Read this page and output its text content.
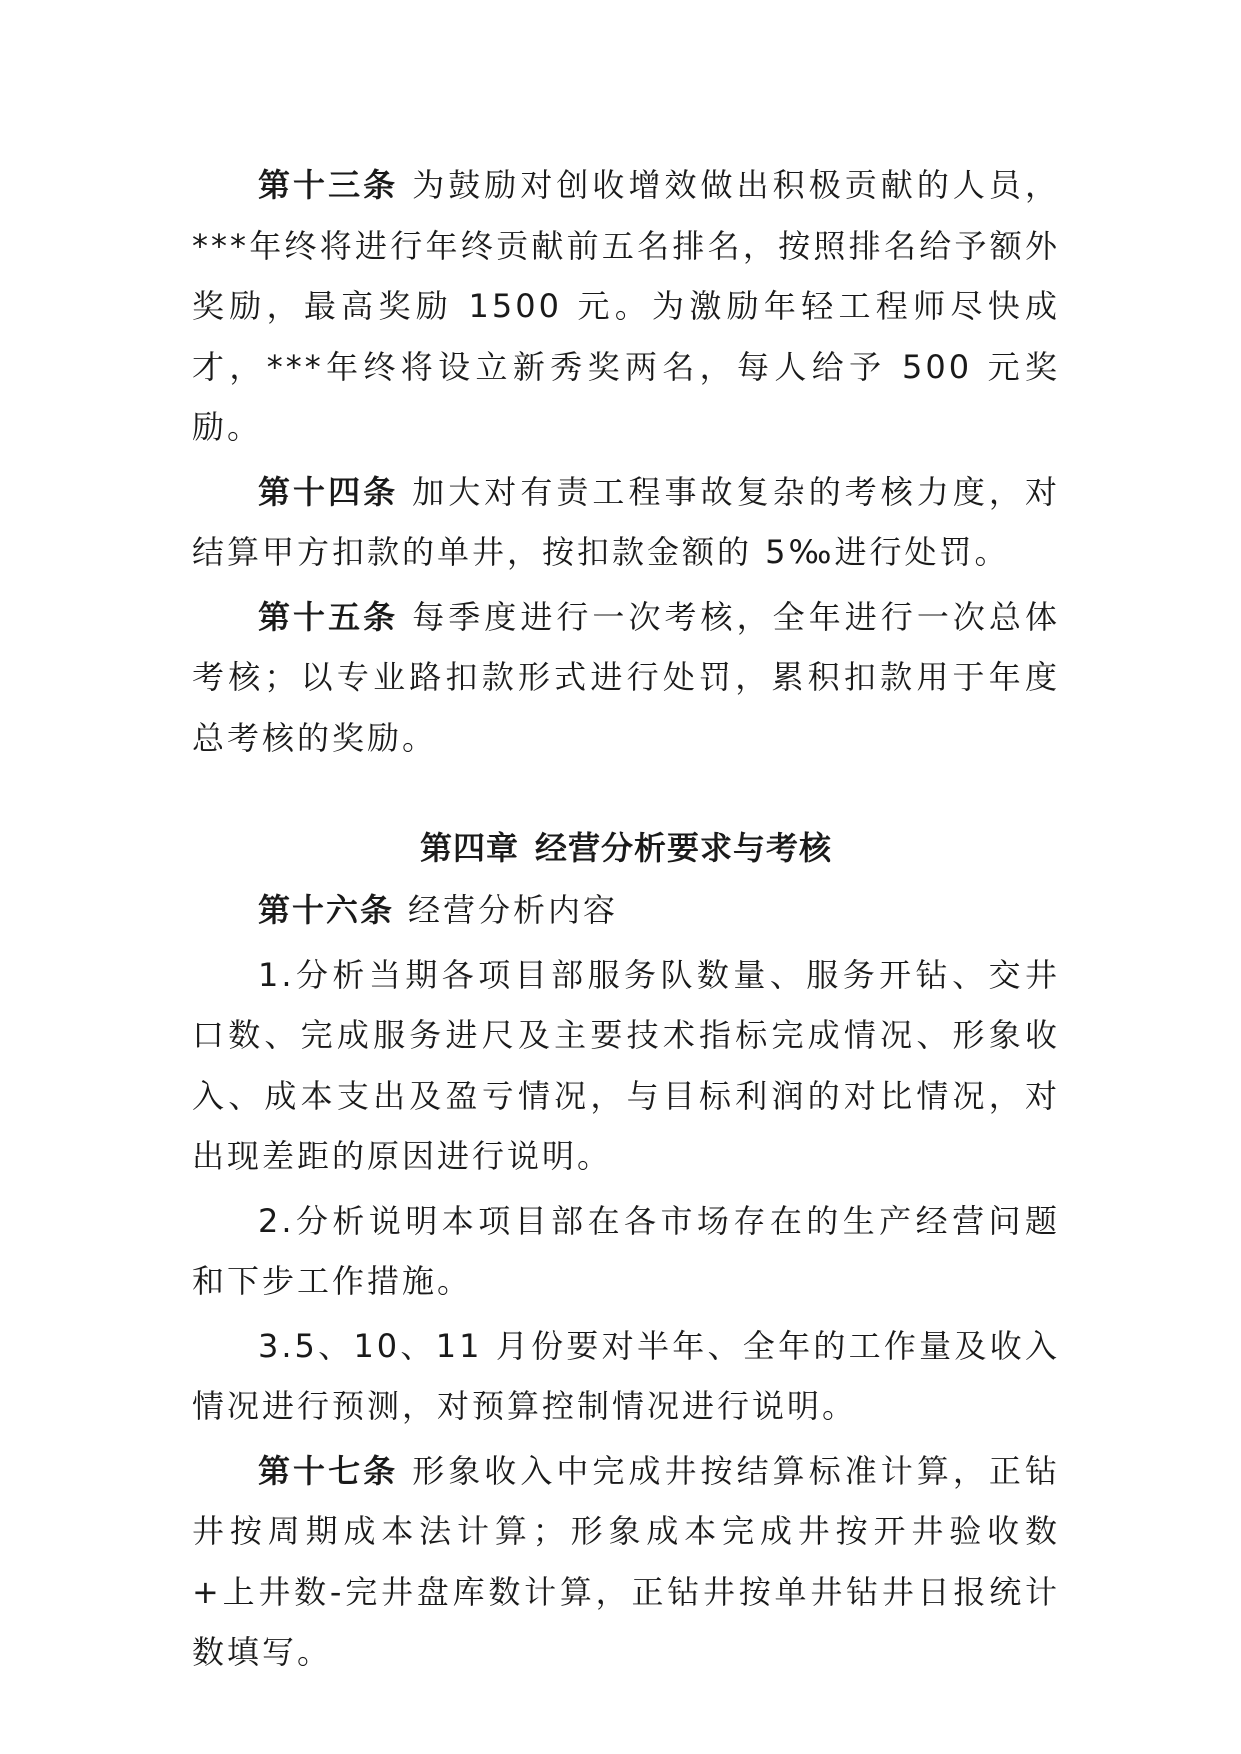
第十三条 为鼓励对创收增效做出积极贡献的人员，***年终将进行年终贡献前五名排名，按照排名给予额外奖励，最高奖励 1500 元。为激励年轻工程师尽快成才，***年终将设立新秀奖两名，每人给予 500 元奖励。

第十四条 加大对有责工程事故复杂的考核力度，对结算甲方扣款的单井，按扣款金额的 5‰进行处罚。

第十五条 每季度进行一次考核，全年进行一次总体考核；以专业路扣款形式进行处罚，累积扣款用于年度总考核的奖励。

第四章 经营分析要求与考核

第十六条 经营分析内容

1.分析当期各项目部服务队数量、服务开钻、交井口数、完成服务进尺及主要技术指标完成情况、形象收入、成本支出及盈亏情况，与目标利润的对比情况，对出现差距的原因进行说明。

2.分析说明本项目部在各市场存在的生产经营问题和下步工作措施。

3.5、10、11 月份要对半年、全年的工作量及收入情况进行预测，对预算控制情况进行说明。

第十七条 形象收入中完成井按结算标准计算，正钻井按周期成本法计算；形象成本完成井按开井验收数+上井数-完井盘库数计算，正钻井按单井钻井日报统计数填写。
